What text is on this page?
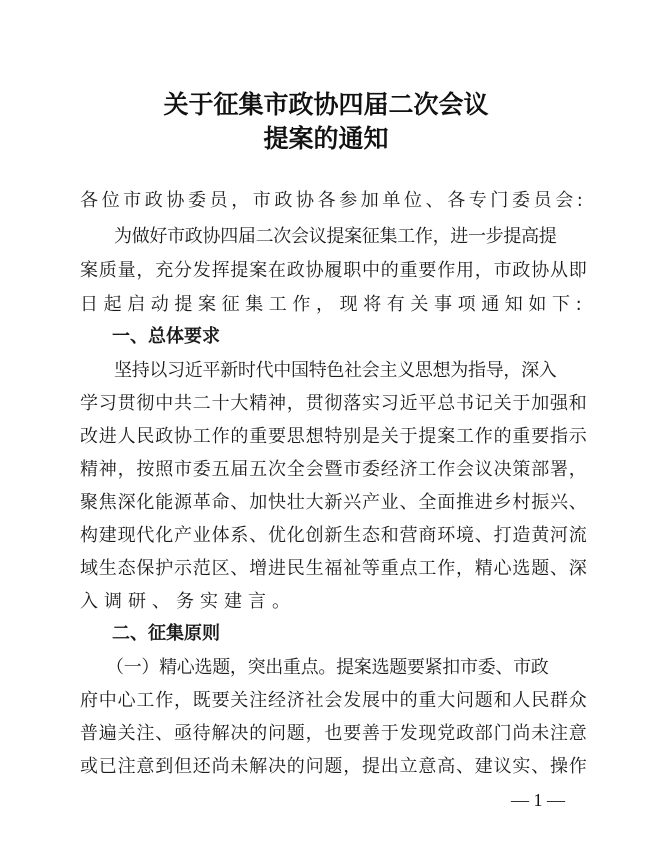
关于征集市政协四届二次会议
提案的通知
各位市政协委员，市政协各参加单位、各专门委员会:
为做好市政协四届二次会议提案征集工作，进一步提高提
案质量，充分发挥提案在政协履职中的重要作用，市政协从即
日起启动提案征集工作，现将有关事项通知如下:
一、总体要求
坚持以习近平新时代中国特色社会主义思想为指导，深入
学习贯彻中共二十大精神，贯彻落实习近平总书记关于加强和
改进人民政协工作的重要思想特别是关于提案工作的重要指示
精神，按照市委五届五次全会暨市委经济工作会议决策部署，
聚焦深化能源革命、加快壮大新兴产业、全面推进乡村振兴、
构建现代化产业体系、优化创新生态和营商环境、打造黄河流
域生态保护示范区、增进民生福祉等重点工作，精心选题、深
入调研、务实建言。
二、征集原则
（一）精心选题，突出重点。提案选题要紧扣市委、市政
府中心工作，既要关注经济社会发展中的重大问题和人民群众
普遍关注、亟待解决的问题，也要善于发现党政部门尚未注意
或已注意到但还尚未解决的问题，提出立意高、建议实、操作
— 1 —
